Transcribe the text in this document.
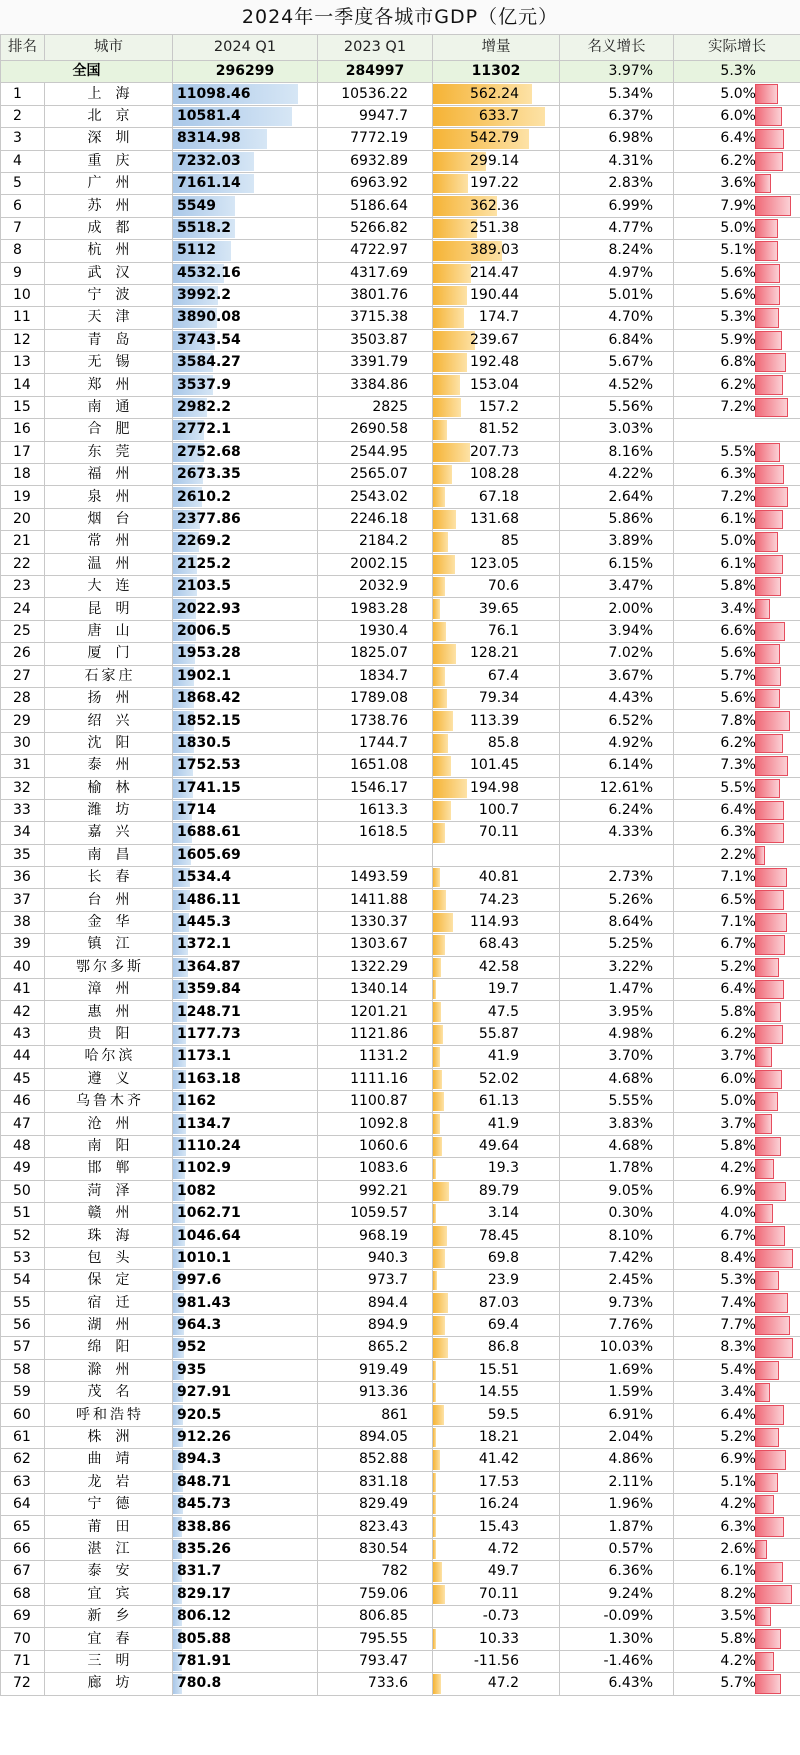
2024年一季度各城市GDP（亿元）
排名	城市	2024 Q1	2023 Q1	增量	名义增长	实际增长
全国		296299	284997	11302	3.97%	5.3%
1	上海	11098.46	10536.22	562.24	5.34%	5.0%
2	北京	10581.4	9947.7	633.7	6.37%	6.0%
3	深圳	8314.98	7772.19	542.79	6.98%	6.4%
4	重庆	7232.03	6932.89	299.14	4.31%	6.2%
5	广州	7161.14	6963.92	197.22	2.83%	3.6%
6	苏州	5549	5186.64	362.36	6.99%	7.9%
7	成都	5518.2	5266.82	251.38	4.77%	5.0%
8	杭州	5112	4722.97	389.03	8.24%	5.1%
9	武汉	4532.16	4317.69	214.47	4.97%	5.6%
10	宁波	3992.2	3801.76	190.44	5.01%	5.6%
11	天津	3890.08	3715.38	174.7	4.70%	5.3%
12	青岛	3743.54	3503.87	239.67	6.84%	5.9%
13	无锡	3584.27	3391.79	192.48	5.67%	6.8%
14	郑州	3537.9	3384.86	153.04	4.52%	6.2%
15	南通	2982.2	2825	157.2	5.56%	7.2%
16	合肥	2772.1	2690.58	81.52	3.03%	
17	东莞	2752.68	2544.95	207.73	8.16%	5.5%
18	福州	2673.35	2565.07	108.28	4.22%	6.3%
19	泉州	2610.2	2543.02	67.18	2.64%	7.2%
20	烟台	2377.86	2246.18	131.68	5.86%	6.1%
21	常州	2269.2	2184.2	85	3.89%	5.0%
22	温州	2125.2	2002.15	123.05	6.15%	6.1%
23	大连	2103.5	2032.9	70.6	3.47%	5.8%
24	昆明	2022.93	1983.28	39.65	2.00%	3.4%
25	唐山	2006.5	1930.4	76.1	3.94%	6.6%
26	厦门	1953.28	1825.07	128.21	7.02%	5.6%
27	石家庄	1902.1	1834.7	67.4	3.67%	5.7%
28	扬州	1868.42	1789.08	79.34	4.43%	5.6%
29	绍兴	1852.15	1738.76	113.39	6.52%	7.8%
30	沈阳	1830.5	1744.7	85.8	4.92%	6.2%
31	泰州	1752.53	1651.08	101.45	6.14%	7.3%
32	榆林	1741.15	1546.17	194.98	12.61%	5.5%
33	潍坊	1714	1613.3	100.7	6.24%	6.4%
34	嘉兴	1688.61	1618.5	70.11	4.33%	6.3%
35	南昌	1605.69				2.2%
36	长春	1534.4	1493.59	40.81	2.73%	7.1%
37	台州	1486.11	1411.88	74.23	5.26%	6.5%
38	金华	1445.3	1330.37	114.93	8.64%	7.1%
39	镇江	1372.1	1303.67	68.43	5.25%	6.7%
40	鄂尔多斯	1364.87	1322.29	42.58	3.22%	5.2%
41	漳州	1359.84	1340.14	19.7	1.47%	6.4%
42	惠州	1248.71	1201.21	47.5	3.95%	5.8%
43	贵阳	1177.73	1121.86	55.87	4.98%	6.2%
44	哈尔滨	1173.1	1131.2	41.9	3.70%	3.7%
45	遵义	1163.18	1111.16	52.02	4.68%	6.0%
46	乌鲁木齐	1162	1100.87	61.13	5.55%	5.0%
47	沧州	1134.7	1092.8	41.9	3.83%	3.7%
48	南阳	1110.24	1060.6	49.64	4.68%	5.8%
49	邯郸	1102.9	1083.6	19.3	1.78%	4.2%
50	菏泽	1082	992.21	89.79	9.05%	6.9%
51	赣州	1062.71	1059.57	3.14	0.30%	4.0%
52	珠海	1046.64	968.19	78.45	8.10%	6.7%
53	包头	1010.1	940.3	69.8	7.42%	8.4%
54	保定	997.6	973.7	23.9	2.45%	5.3%
55	宿迁	981.43	894.4	87.03	9.73%	7.4%
56	湖州	964.3	894.9	69.4	7.76%	7.7%
57	绵阳	952	865.2	86.8	10.03%	8.3%
58	滁州	935	919.49	15.51	1.69%	5.4%
59	茂名	927.91	913.36	14.55	1.59%	3.4%
60	呼和浩特	920.5	861	59.5	6.91%	6.4%
61	株洲	912.26	894.05	18.21	2.04%	5.2%
62	曲靖	894.3	852.88	41.42	4.86%	6.9%
63	龙岩	848.71	831.18	17.53	2.11%	5.1%
64	宁德	845.73	829.49	16.24	1.96%	4.2%
65	莆田	838.86	823.43	15.43	1.87%	6.3%
66	湛江	835.26	830.54	4.72	0.57%	2.6%
67	泰安	831.7	782	49.7	6.36%	6.1%
68	宜宾	829.17	759.06	70.11	9.24%	8.2%
69	新乡	806.12	806.85	-0.73	-0.09%	3.5%
70	宜春	805.88	795.55	10.33	1.30%	5.8%
71	三明	781.91	793.47	-11.56	-1.46%	4.2%
72	廊坊	780.8	733.6	47.2	6.43%	5.7%
